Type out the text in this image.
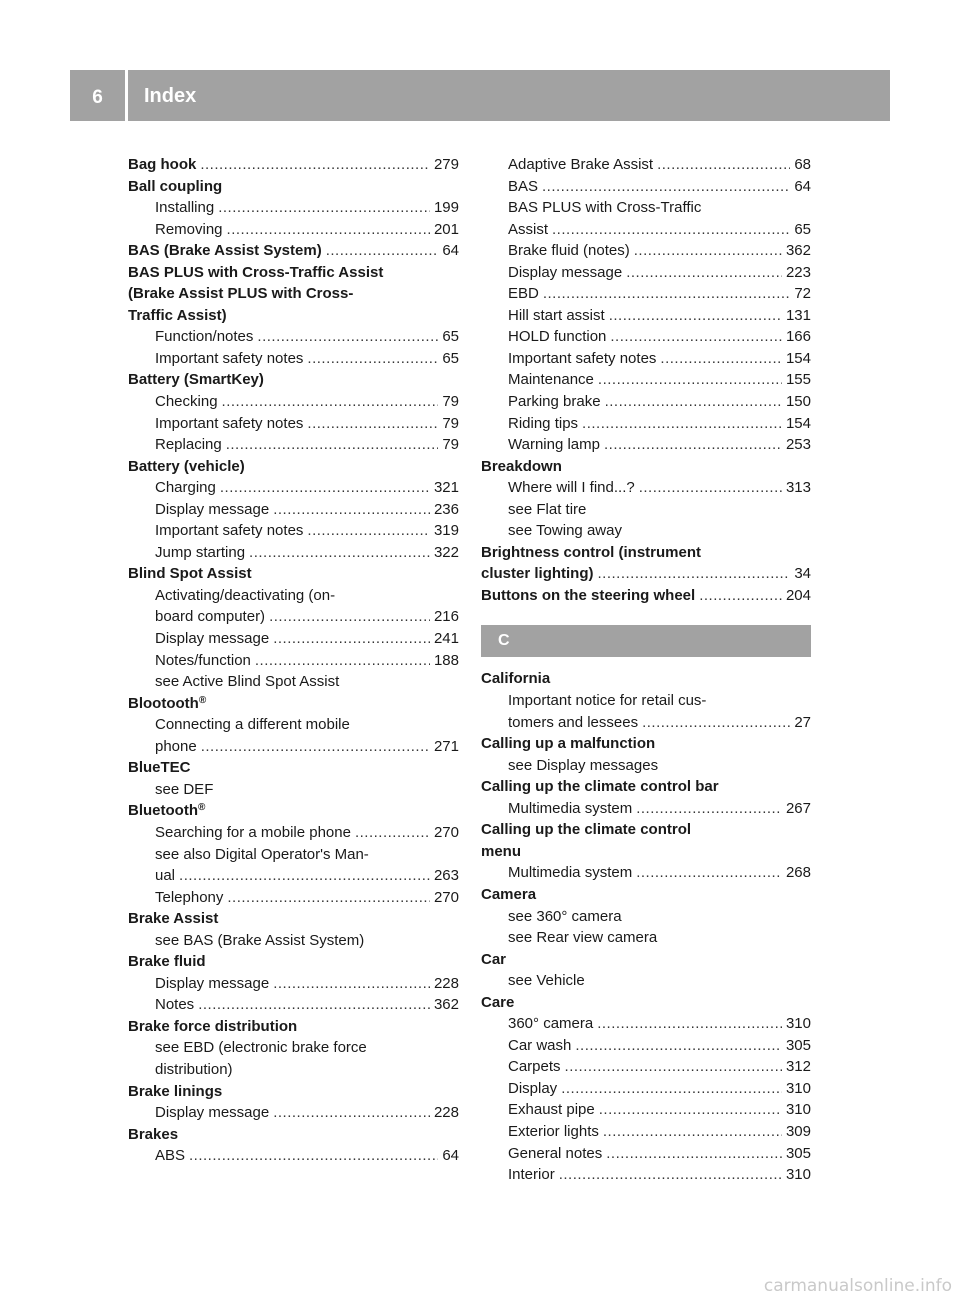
6	Index
Bag hook .....	279
Ball coupling
Installing .....	199
Removing .....	201
BAS (Brake Assist System) .....	64
BAS PLUS with Cross-Traffic Assist
(Brake Assist PLUS with Cross-
Traffic Assist)
Function/notes .....	65
Important safety notes .....	65
Battery (SmartKey)
Checking .....	79
Important safety notes .....	79
Replacing .....	79
Battery (vehicle)
Charging .....	321
Display message .....	236
Important safety notes .....	319
Jump starting .....	322
Blind Spot Assist
Activating/deactivating (on-
board computer) .....	216
Display message .....	241
Notes/function .....	188
see Active Blind Spot Assist
Blootooth®
Connecting a different mobile
phone .....	271
BlueTEC
see DEF
Bluetooth®
Searching for a mobile phone .....	270
see also Digital Operator's Man-
ual .....	263
Telephony .....	270
Brake Assist
see BAS (Brake Assist System)
Brake fluid
Display message .....	228
Notes .....	362
Brake force distribution
see EBD (electronic brake force
distribution)
Brake linings
Display message .....	228
Brakes
ABS .....	64
Adaptive Brake Assist .....	68
BAS .....	64
BAS PLUS with Cross-Traffic
Assist .....	65
Brake fluid (notes) .....	362
Display message .....	223
EBD .....	72
Hill start assist .....	131
HOLD function .....	166
Important safety notes .....	154
Maintenance .....	155
Parking brake .....	150
Riding tips .....	154
Warning lamp .....	253
Breakdown
Where will I find...? .....	313
see Flat tire
see Towing away
Brightness control (instrument
cluster lighting) .....	34
Buttons on the steering wheel .....	204
C
California
Important notice for retail cus-
tomers and lessees .....	27
Calling up a malfunction
see Display messages
Calling up the climate control bar
Multimedia system .....	267
Calling up the climate control
menu
Multimedia system .....	268
Camera
see 360° camera
see Rear view camera
Car
see Vehicle
Care
360° camera .....	310
Car wash .....	305
Carpets .....	312
Display .....	310
Exhaust pipe .....	310
Exterior lights .....	309
General notes .....	305
Interior .....	310
carmanualsonline.info
